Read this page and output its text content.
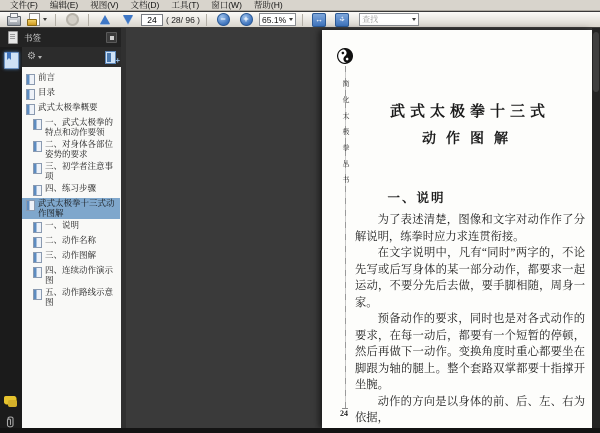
文件(F)	编辑(E)	视图(V)	文档(D)	工具(T)	窗口(W)	帮助(H)
24
( 28/ 96 ) − +	65.1%
↔
↔ ↕
查找
书签
⚙
+
前言
目录
武式太极拳概要
一、武式太极拳的特点和动作要领
二、对身体各部位姿势的要求
三、初学者注意事项
四、练习步骤
武式太极拳十三式动作图解
一、说明
二、动作名称
三、动作图解
四、连续动作演示图
五、动作路线示意图
简化太极拳丛书	武式太极拳十三式
动作图解
一、说明

为了表述清楚，图像和文字对动作作了分解说明，练拳时应力求连贯衔接。

在文字说明中，凡有“同时”两字的，不论先写或后写身体的某一部分动作，都要求一起运动，不要分先后去做，要手脚相随，周身一家。

预备动作的要求，同时也是对各式动作的要求，在每一动后，都要有一个短暂的停顿，然后再做下一动作。变换角度时重心都要坐在脚跟为轴的腿上。整个套路双掌都要十指撑开坐腕。

动作的方向是以身体的前、后、左、右为依据，

24
